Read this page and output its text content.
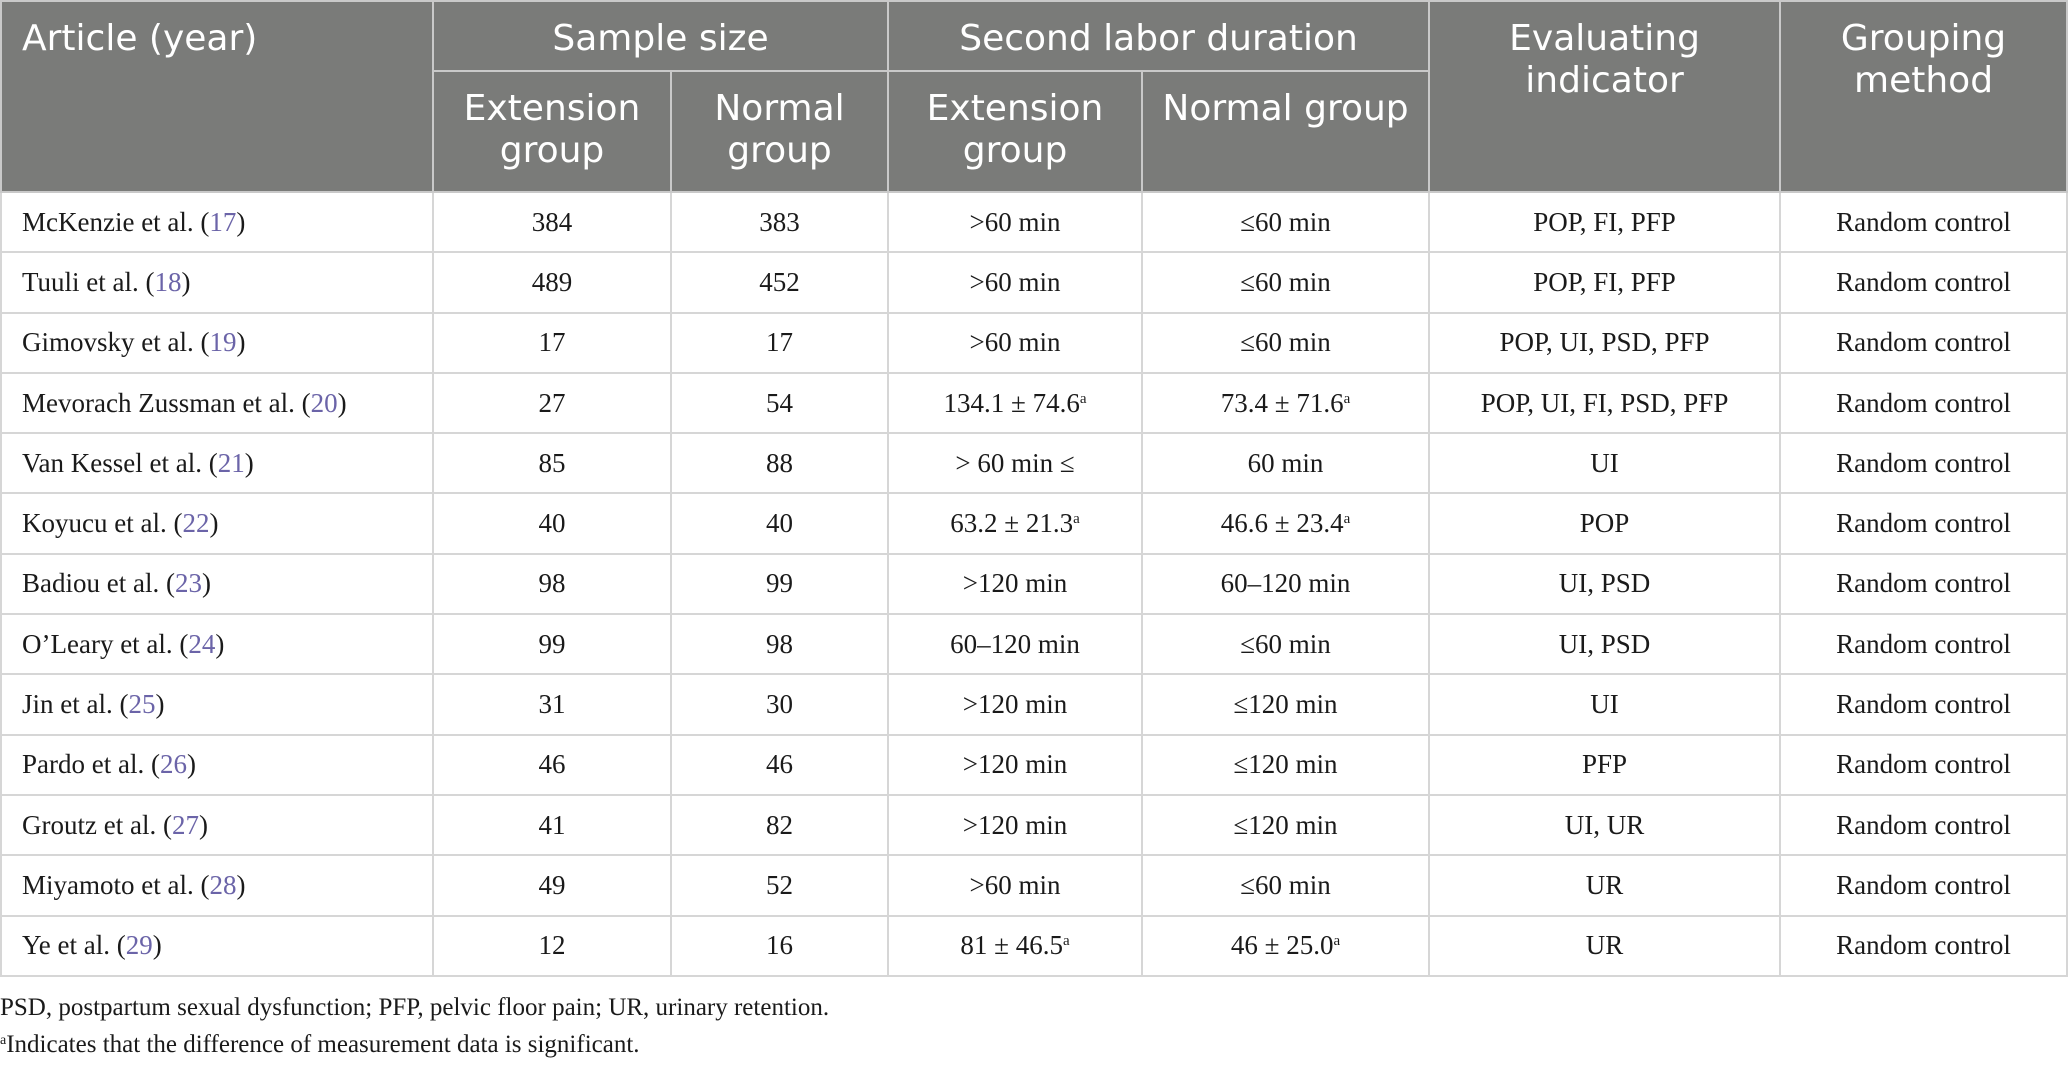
Article (year)	Sample size		Second labor duration		Evaluating indicator	Grouping method
	Extension group	Normal group	Extension group	Normal group		
McKenzie et al. (17)	384	383	>60 min	≤60 min	POP, FI, PFP	Random control
Tuuli et al. (18)	489	452	>60 min	≤60 min	POP, FI, PFP	Random control
Gimovsky et al. (19)	17	17	>60 min	≤60 min	POP, UI, PSD, PFP	Random control
Mevorach Zussman et al. (20)	27	54	134.1 ± 74.6$^a$	73.4 ± 71.6$^a$	POP, UI, FI, PSD, PFP	Random control
Van Kessel et al. (21)	85	88	> 60 min ≤	60 min	UI	Random control
Koyucu et al. (22)	40	40	63.2 ± 21.3$^a$	46.6 ± 23.4$^a$	POP	Random control
Badiou et al. (23)	98	99	>120 min	60–120 min	UI, PSD	Random control
O’Leary et al. (24)	99	98	60–120 min	≤60 min	UI, PSD	Random control
Jin et al. (25)	31	30	>120 min	≤120 min	UI	Random control
Pardo et al. (26)	46	46	>120 min	≤120 min	PFP	Random control
Groutz et al. (27)	41	82	>120 min	≤120 min	UI, UR	Random control
Miyamoto et al. (28)	49	52	>60 min	≤60 min	UR	Random control
Ye et al. (29)	12	16	81 ± 46.5$^a$	46 ± 25.0$^a$	UR	Random control
PSD, postpartum sexual dysfunction; PFP, pelvic floor pain; UR, urinary retention.
$^a$Indicates that the difference of measurement data is significant.
